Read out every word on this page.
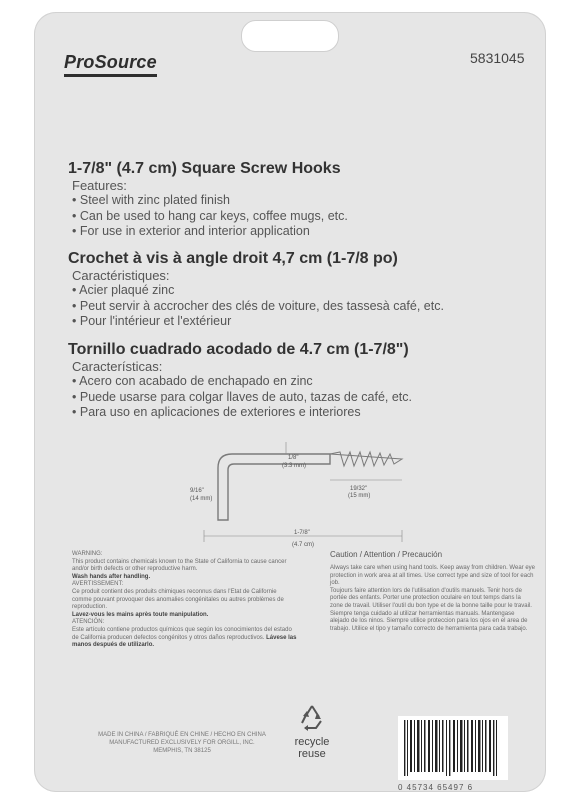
ProSource	5831045

1-7/8" (4.7 cm) Square Screw Hooks

Features:

• Steel with zinc plated finish
• Can be used to hang car keys, coffee mugs, etc.
• For use in exterior and interior application

Crochet à vis à angle droit 4,7 cm (1-7/8 po)

Caractéristiques:

• Acier plaqué zinc
• Peut servir à accrocher des clés de voiture, des tassesà café, etc.
• Pour l'intérieur et l'extérieur

Tornillo cuadrado acodado de 4.7 cm (1-7/8")

Características:

• Acero con acabado de enchapado en zinc
• Puede usarse para colgar llaves de auto, tazas de café, etc.
• Para uso en aplicaciones de exteriores e interiores
1/8"
(3.3 mm)
19/32"
(15 mm)
9/16"
(14 mm)
1-7/8"
(4.7 cm)
WARNING:
This product contains chemicals known to the State of California to cause cancer and/or birth defects or other reproductive harm.
Wash hands after handling.
AVERTISSEMENT:
Ce produit contient des produits chimiques reconnus dans l'Etat de Californie comme pouvant provoquer des anomalies congénitales ou autres problèmes de reproduction.
Lavez-vous les mains après toute manipulation.
ATENCIÓN:
Este artículo contiene productos químicos que según los conocimientos del estado de California producen defectos congénitos y otros daños reproductivos. Lávese las manos después de utilizarlo.
Caution / Attention / Precaución
Always take care when using hand tools. Keep away from children. Wear eye protection in work area at all times. Use correct type and size of tool for each job.
Toujours faire attention lors de l'utilisation d'outils manuels. Tenir hors de portée des enfants. Porter une protection oculaire en tout temps dans la zone de travail. Utiliser l'outil du bon type et de la bonne taille pour le travail.
Siempre tenga cuidado al utilizar herramientas manuals. Mantengase alejado de los ninos. Siempre utilice proteccion para los ojos en el area de trabajo. Utilice el tipo y tamaño correcto de herramienta para cada trabajo.
MADE IN CHINA / FABRIQUÉ EN CHINE / HECHO EN CHINA
MANUFACTURED EXCLUSIVELY FOR ORGILL, INC.
MEMPHIS, TN 38125
recycle
reuse
0 45734 65497 6
